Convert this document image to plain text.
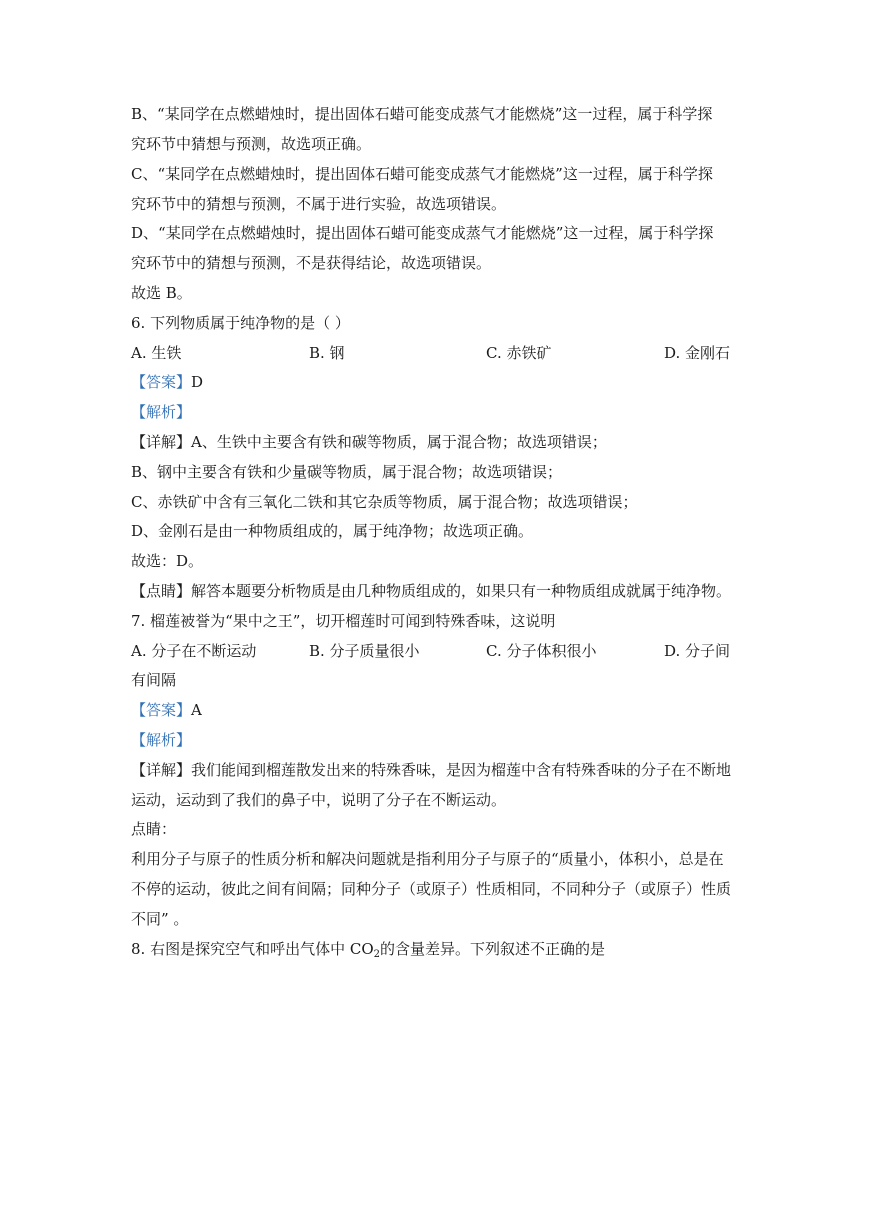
B、“某同学在点燃蜡烛时，提出固体石蜡可能变成蒸气才能燃烧”这一过程，属于科学探
究环节中猜想与预测，故选项正确。
C、“某同学在点燃蜡烛时，提出固体石蜡可能变成蒸气才能燃烧”这一过程，属于科学探
究环节中的猜想与预测，不属于进行实验，故选项错误。
D、“某同学在点燃蜡烛时，提出固体石蜡可能变成蒸气才能燃烧”这一过程，属于科学探
究环节中的猜想与预测，不是获得结论，故选项错误。
故选 B。
6. 下列物质属于纯净物的是（ ）
A. 生铁	B. 钢	C. 赤铁矿	D. 金刚石
【答案】D
【解析】
【详解】A、生铁中主要含有铁和碳等物质，属于混合物；故选项错误；
B、钢中主要含有铁和少量碳等物质，属于混合物；故选项错误；
C、赤铁矿中含有三氧化二铁和其它杂质等物质，属于混合物；故选项错误；
D、金刚石是由一种物质组成的，属于纯净物；故选项正确。
故选：D。
【点睛】解答本题要分析物质是由几种物质组成的，如果只有一种物质组成就属于纯净物。
7. 榴莲被誉为“果中之王”，切开榴莲时可闻到特殊香味，这说明
A. 分子在不断运动	B. 分子质量很小	C. 分子体积很小	D. 分子间
有间隔
【答案】A
【解析】
【详解】我们能闻到榴莲散发出来的特殊香味，是因为榴莲中含有特殊香味的分子在不断地
运动，运动到了我们的鼻子中，说明了分子在不断运动。
点睛：
利用分子与原子的性质分析和解决问题就是指利用分子与原子的“质量小，体积小，总是在
不停的运动，彼此之间有间隔；同种分子（或原子）性质相同，不同种分子（或原子）性质
不同” 。
8. 右图是探究空气和呼出气体中 $CO_2$的含量差异。下列叙述不正确的是
